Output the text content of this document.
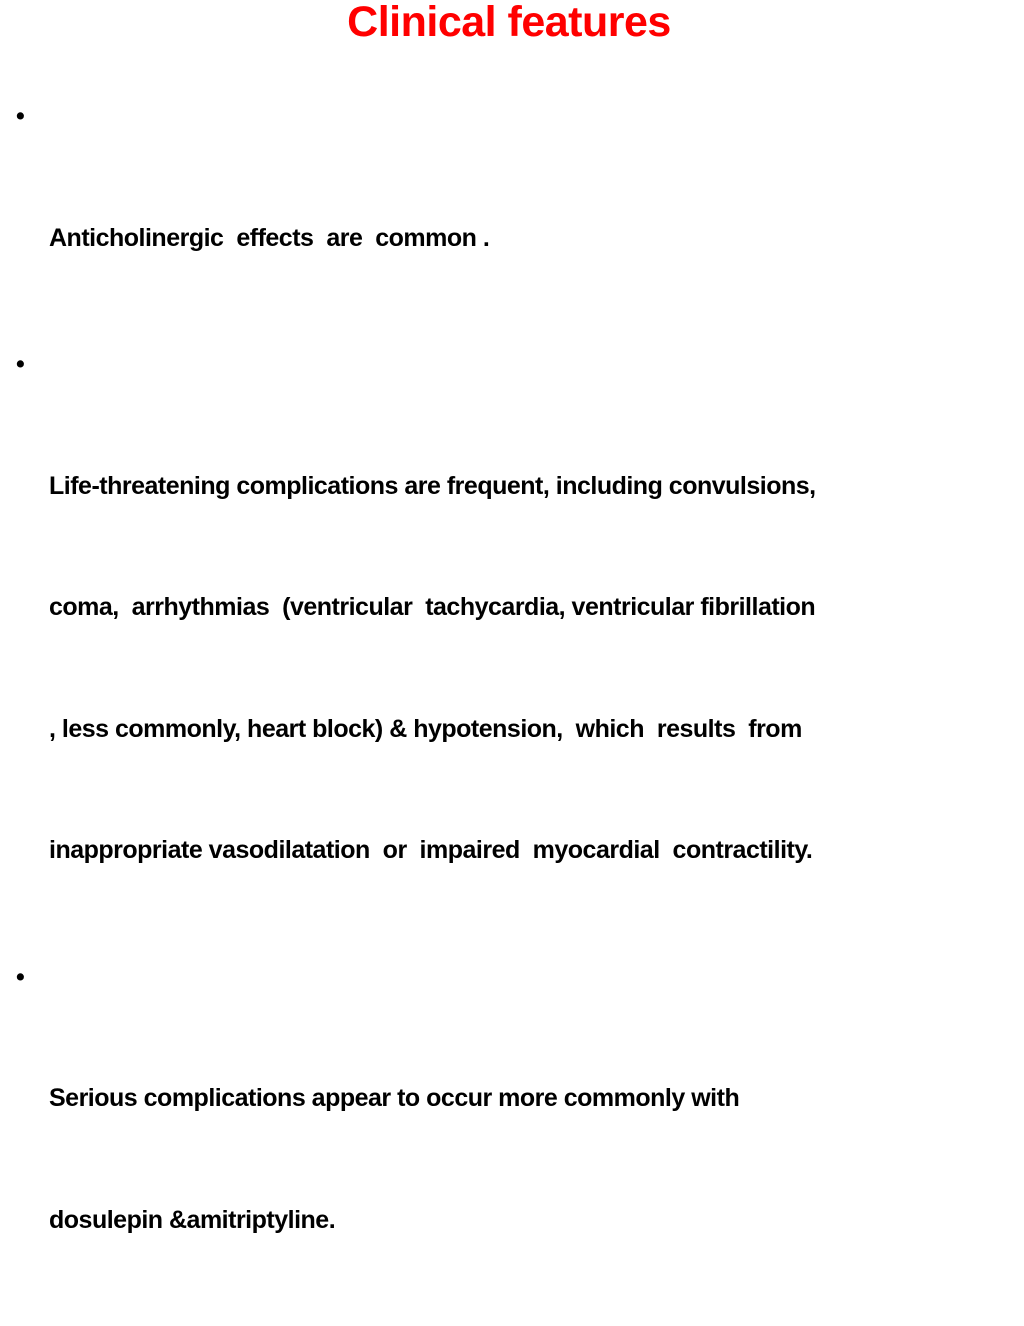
Clinical features

•

Anticholinergic  effects  are  common .

•

Life-threatening complications are frequent, including convulsions,

coma,  arrhythmias  (ventricular  tachycardia, ventricular fibrillation

, less commonly, heart block) & hypotension,  which  results  from

inappropriate vasodilatation  or  impaired  myocardial  contractility.

•

Serious complications appear to occur more commonly with

dosulepin &amitriptyline.
